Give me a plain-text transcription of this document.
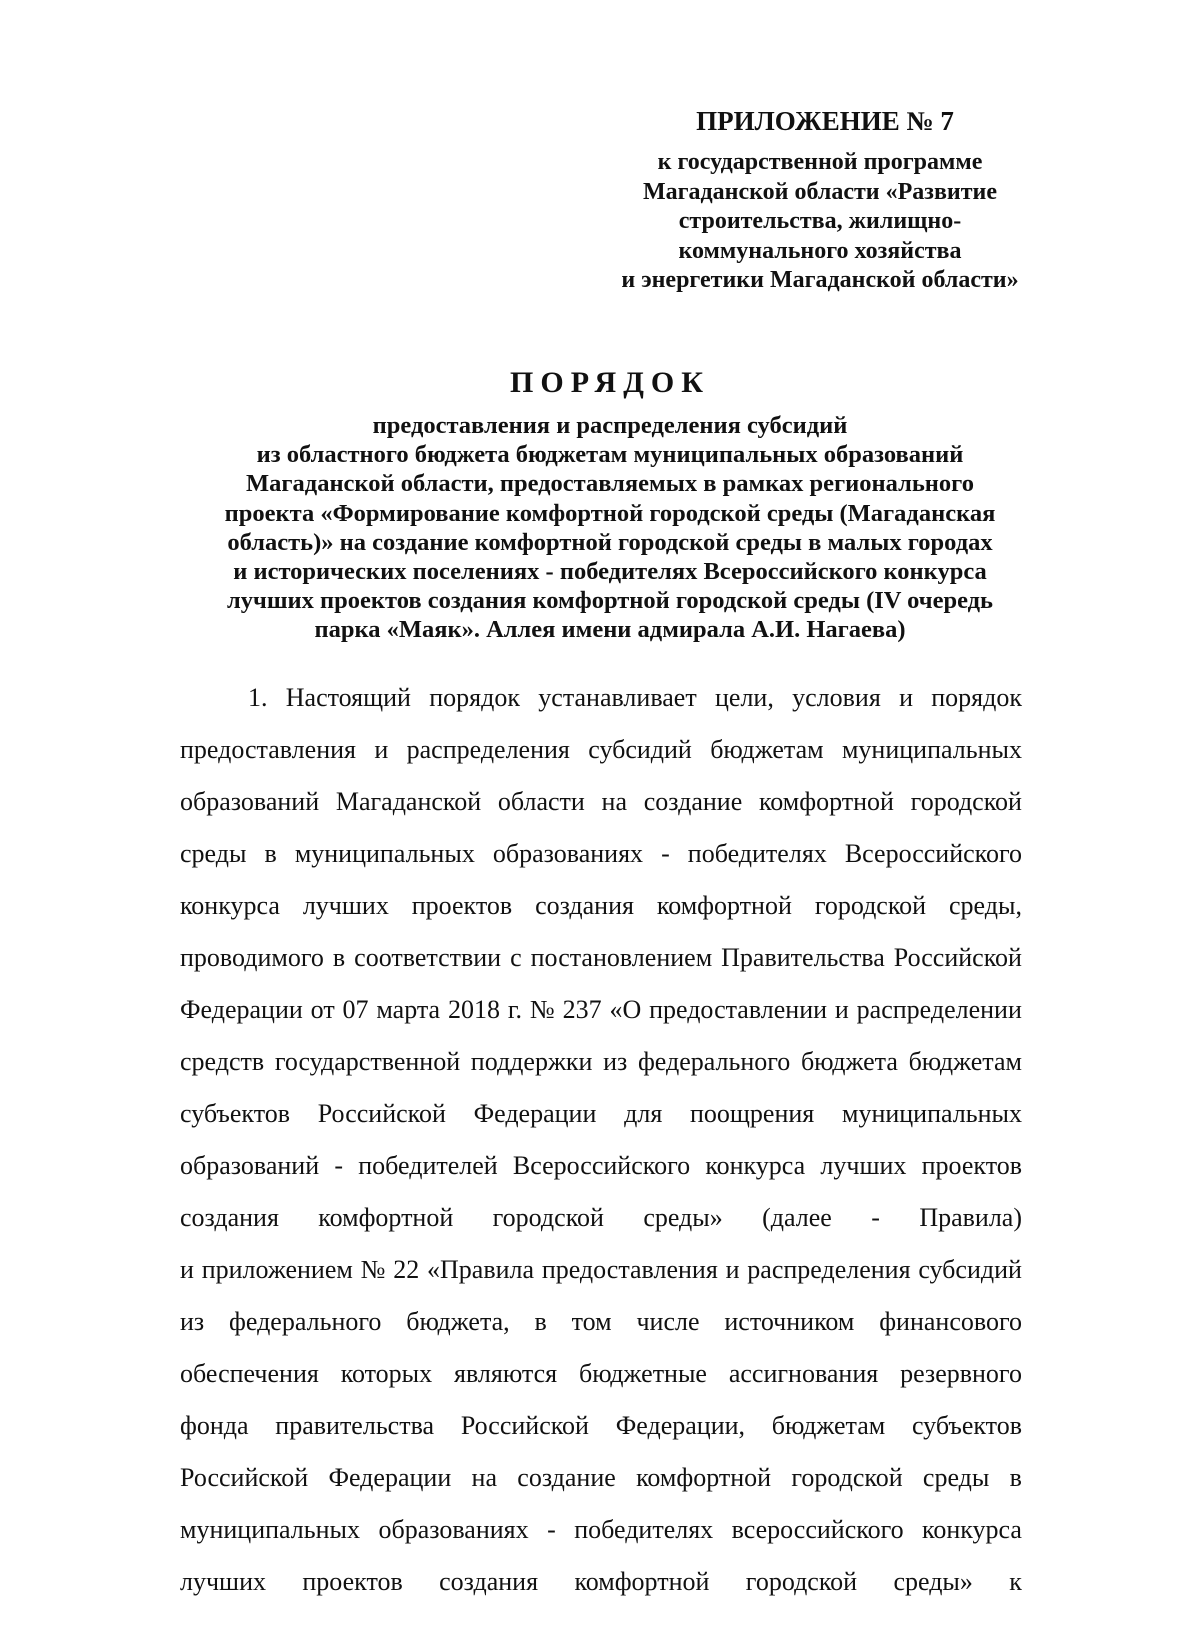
ПРИЛОЖЕНИЕ № 7
к государственной программе
Магаданской области «Развитие
строительства, жилищно-
коммунального хозяйства
и энергетики Магаданской области»
ПОРЯДОК
предоставления и распределения субсидий
из областного бюджета бюджетам муниципальных образований
Магаданской области, предоставляемых в рамках регионального
проекта «Формирование комфортной городской среды (Магаданская
область)» на создание комфортной городской среды в малых городах
и исторических поселениях - победителях Всероссийского конкурса
лучших проектов создания комфортной городской среды (IV очередь
парка «Маяк». Аллея имени адмирала А.И. Нагаева)
1. Настоящий порядок устанавливает цели, условия и порядок
предоставления и распределения субсидий бюджетам муниципальных
образований Магаданской области на создание комфортной городской
среды в муниципальных образованиях - победителях Всероссийского
конкурса лучших проектов создания комфортной городской среды,
проводимого в соответствии с постановлением Правительства Российской
Федерации от 07 марта 2018 г. № 237 «О предоставлении и распределении
средств государственной поддержки из федерального бюджета бюджетам
субъектов Российской Федерации для поощрения муниципальных
образований - победителей Всероссийского конкурса лучших проектов
создания комфортной городской среды» (далее - Правила)
и приложением № 22 «Правила предоставления и распределения субсидий
из федерального бюджета, в том числе источником финансового
обеспечения которых являются бюджетные ассигнования резервного
фонда правительства Российской Федерации, бюджетам субъектов
Российской Федерации на создание комфортной городской среды в
муниципальных образованиях - победителях всероссийского конкурса
лучших проектов создания комфортной городской среды» к
